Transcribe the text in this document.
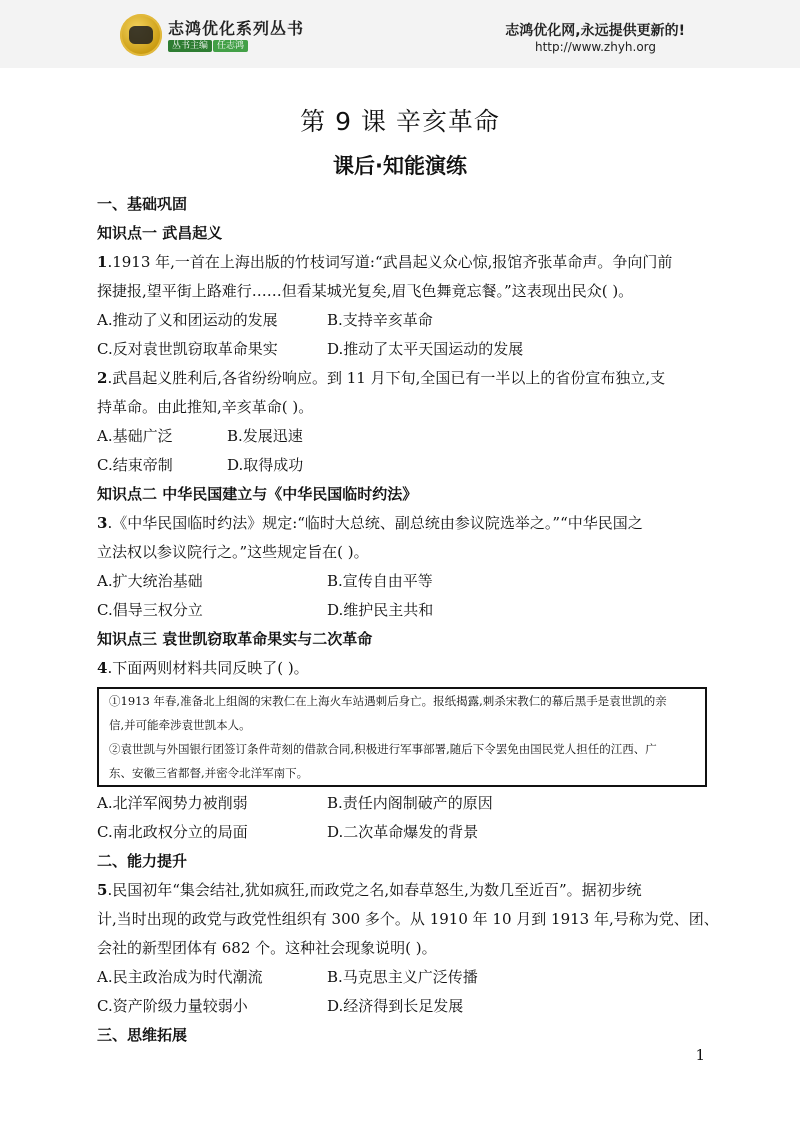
志鸿优化系列丛书
丛书主编 任志鸿
志鸿优化网,永远提供更新的!
http://www.zhyh.org
第 9 课 辛亥革命
课后·知能演练
一、基础巩固
知识点一 武昌起义
1.1913 年,一首在上海出版的竹枝词写道:“武昌起义众心惊,报馆齐张革命声。争向门前
探捷报,望平街上路难行……但看某城光复矣,眉飞色舞竟忘餐。”这表现出民众( )。
A.推动了义和团运动的发展	B.支持辛亥革命
C.反对袁世凯窃取革命果实	D.推动了太平天国运动的发展
2.武昌起义胜利后,各省纷纷响应。到 11 月下旬,全国已有一半以上的省份宣布独立,支
持革命。由此推知,辛亥革命( )。
A.基础广泛	B.发展迅速
C.结束帝制	D.取得成功
知识点二 中华民国建立与《中华民国临时约法》
3.《中华民国临时约法》规定:“临时大总统、副总统由参议院选举之。”“中华民国之
立法权以参议院行之。”这些规定旨在( )。
A.扩大统治基础	B.宣传自由平等
C.倡导三权分立	D.维护民主共和
知识点三 袁世凯窃取革命果实与二次革命
4.下面两则材料共同反映了( )。
①1913 年春,准备北上组阁的宋教仁在上海火车站遇刺后身亡。报纸揭露,刺杀宋教仁的幕后黑手是袁世凯的亲
信,并可能牵涉袁世凯本人。
②袁世凯与外国银行团签订条件苛刻的借款合同,积极进行军事部署,随后下令罢免由国民党人担任的江西、广
东、安徽三省都督,并密令北洋军南下。
A.北洋军阀势力被削弱	B.责任内阁制破产的原因
C.南北政权分立的局面	D.二次革命爆发的背景
二、能力提升
5.民国初年“集会结社,犹如疯狂,而政党之名,如春草怒生,为数几至近百”。据初步统
计,当时出现的政党与政党性组织有 300 多个。从 1910 年 10 月到 1913 年,号称为党、团、
会社的新型团体有 682 个。这种社会现象说明( )。
A.民主政治成为时代潮流	B.马克思主义广泛传播
C.资产阶级力量较弱小	D.经济得到长足发展
三、思维拓展
1
